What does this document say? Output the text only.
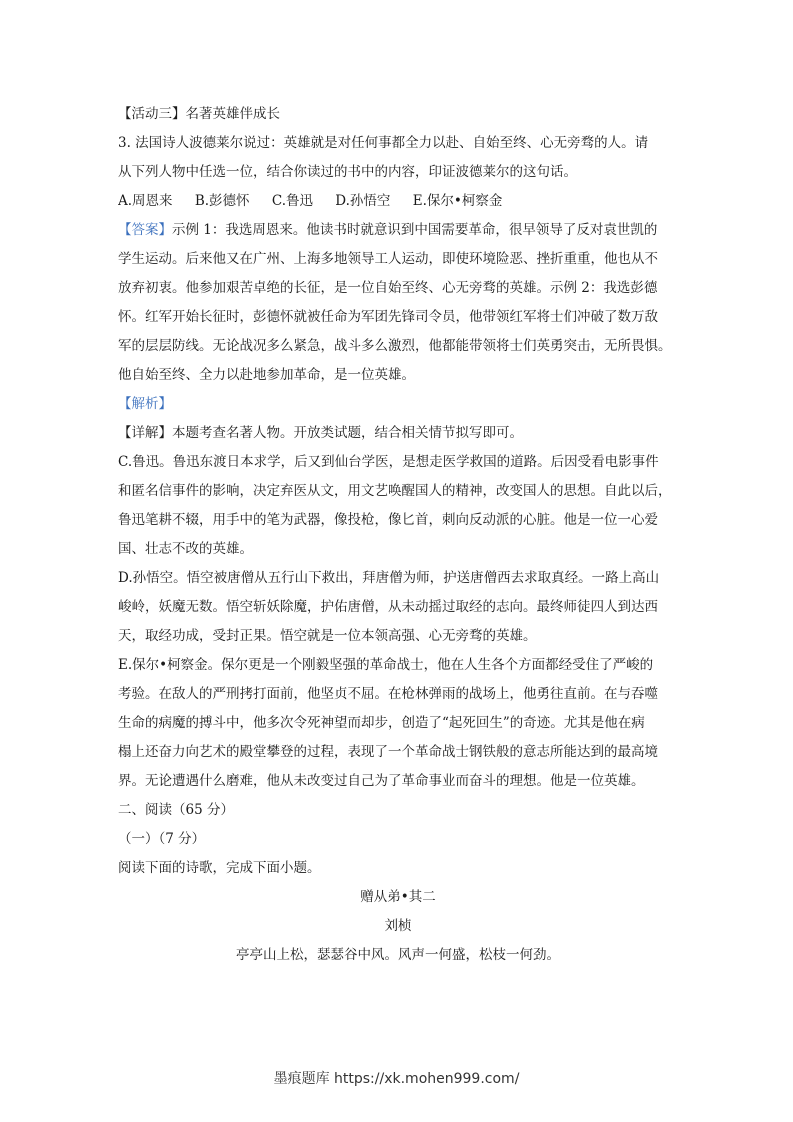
【活动三】名著英雄伴成长
3. 法国诗人波德莱尔说过：英雄就是对任何事都全力以赴、自始至终、心无旁骛的人。请
从下列人物中任选一位，结合你读过的书中的内容，印证波德莱尔的这句话。
A.周恩来 B.彭德怀 C.鲁迅 D.孙悟空 E.保尔•柯察金
【答案】示例 1：我选周恩来。他读书时就意识到中国需要革命，很早领导了反对袁世凯的
学生运动。后来他又在广州、上海多地领导工人运动，即使环境险恶、挫折重重，他也从不
放弃初衷。他参加艰苦卓绝的长征，是一位自始至终、心无旁骛的英雄。示例 2：我选彭德
怀。红军开始长征时，彭德怀就被任命为军团先锋司令员，他带领红军将士们冲破了数万敌
军的层层防线。无论战况多么紧急，战斗多么激烈，他都能带领将士们英勇突击，无所畏惧。
他自始至终、全力以赴地参加革命，是一位英雄。
【解析】
【详解】本题考查名著人物。开放类试题，结合相关情节拟写即可。
C.鲁迅。鲁迅东渡日本求学，后又到仙台学医，是想走医学救国的道路。后因受看电影事件
和匿名信事件的影响，决定弃医从文，用文艺唤醒国人的精神，改变国人的思想。自此以后，
鲁迅笔耕不辍，用手中的笔为武器，像投枪，像匕首，刺向反动派的心脏。他是一位一心爱
国、壮志不改的英雄。
D.孙悟空。悟空被唐僧从五行山下救出，拜唐僧为师，护送唐僧西去求取真经。一路上高山
峻岭，妖魔无数。悟空斩妖除魔，护佑唐僧，从未动摇过取经的志向。最终师徒四人到达西
天，取经功成，受封正果。悟空就是一位本领高强、心无旁骛的英雄。
E.保尔•柯察金。保尔更是一个刚毅坚强的革命战士，他在人生各个方面都经受住了严峻的
考验。在敌人的严刑拷打面前，他坚贞不屈。在枪林弹雨的战场上，他勇往直前。在与吞噬
生命的病魔的搏斗中，他多次令死神望而却步，创造了“起死回生”的奇迹。尤其是他在病
榻上还奋力向艺术的殿堂攀登的过程，表现了一个革命战士钢铁般的意志所能达到的最高境
界。无论遭遇什么磨难，他从未改变过自己为了革命事业而奋斗的理想。他是一位英雄。
二、阅读（65 分）
（一）（7 分）
阅读下面的诗歌，完成下面小题。
赠从弟•其二
刘桢
亭亭山上松，瑟瑟谷中风。风声一何盛，松枝一何劲。
墨痕题库 https://xk.mohen999.com/
